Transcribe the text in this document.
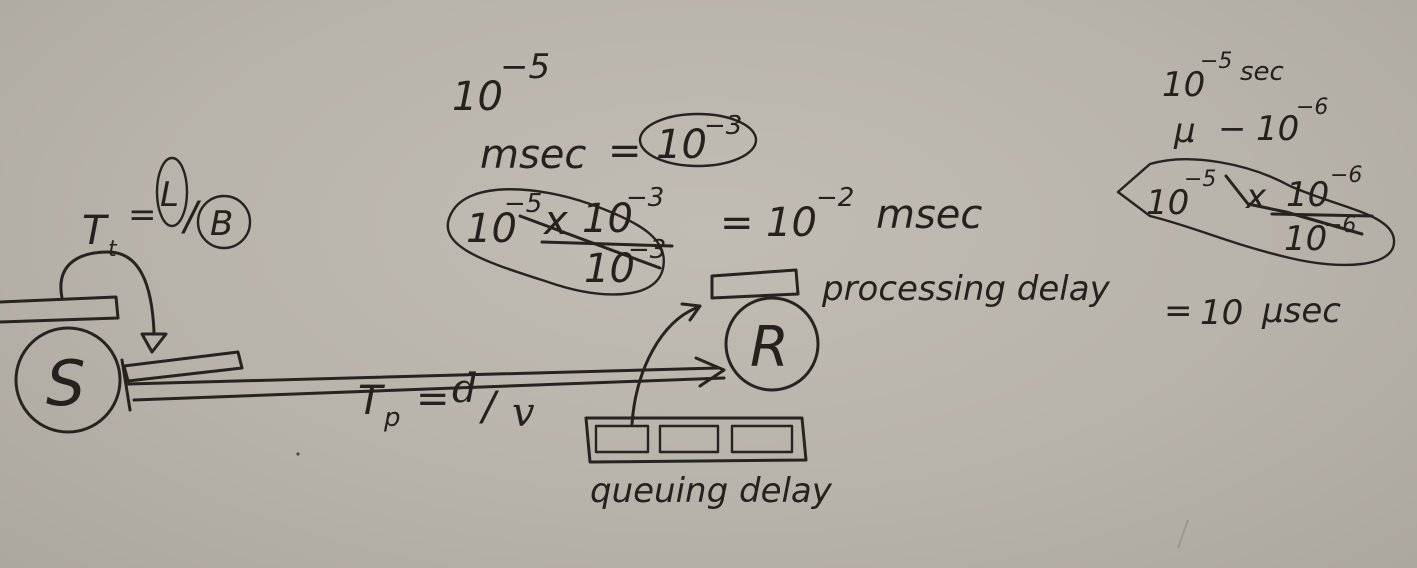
T t
= L / B
S	T p = d / v
R
processing delay
queuing delay
10
−5
msec = 10
−3
10
−5 x 10
−3
10
−3
= 10
−2 msec
10
−5 sec
μ − 10
−6
10
−5 x 10 −6
10
−6
= 10 μsec
